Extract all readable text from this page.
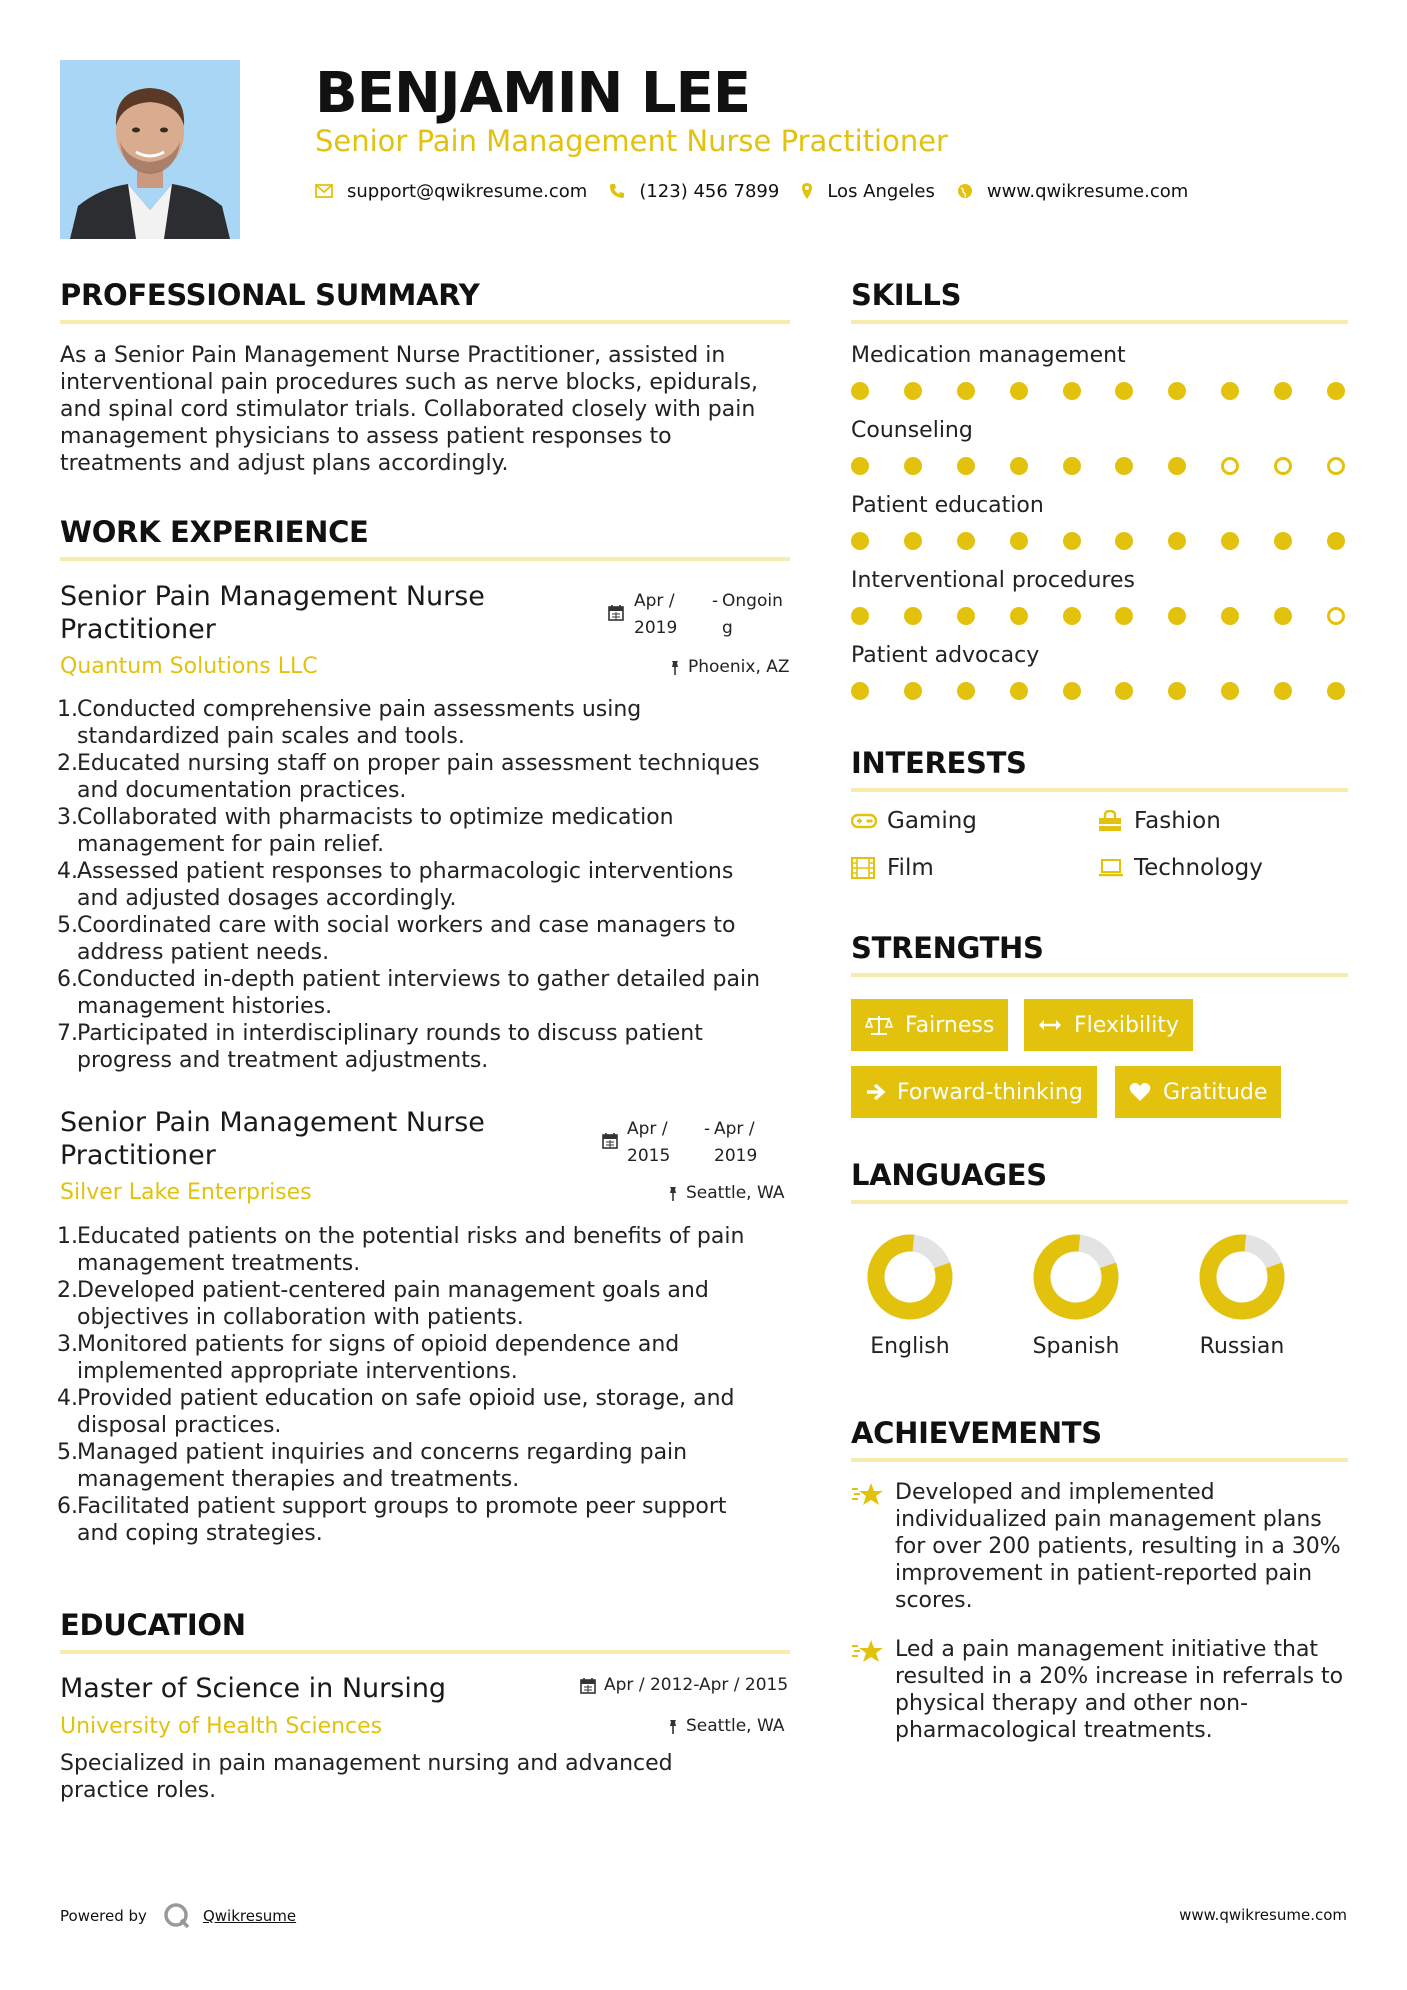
BENJAMIN LEE
Senior Pain Management Nurse Practitioner
support@qwikresume.com	(123) 456 7899	Los Angeles	www.qwikresume.com
PROFESSIONAL SUMMARY
As a Senior Pain Management Nurse Practitioner, assisted in
interventional pain procedures such as nerve blocks, epidurals,
and spinal cord stimulator trials. Collaborated closely with pain
management physicians to assess patient responses to
treatments and adjust plans accordingly.
WORK EXPERIENCE
Senior Pain Management Nurse
Practitioner
Apr /
2019
- Ongoin
g
Quantum Solutions LLC	Phoenix, AZ
1. Conducted comprehensive pain assessments using
standardized pain scales and tools.
2. Educated nursing staff on proper pain assessment techniques
and documentation practices.
3. Collaborated with pharmacists to optimize medication
management for pain relief.
4. Assessed patient responses to pharmacologic interventions
and adjusted dosages accordingly.
5. Coordinated care with social workers and case managers to
address patient needs.
6. Conducted in-depth patient interviews to gather detailed pain
management histories.
7. Participated in interdisciplinary rounds to discuss patient
progress and treatment adjustments.
Senior Pain Management Nurse
Practitioner
Apr /
2015
- Apr /
2019
Silver Lake Enterprises	Seattle, WA
1. Educated patients on the potential risks and benefits of pain
management treatments.
2. Developed patient-centered pain management goals and
objectives in collaboration with patients.
3. Monitored patients for signs of opioid dependence and
implemented appropriate interventions.
4. Provided patient education on safe opioid use, storage, and
disposal practices.
5. Managed patient inquiries and concerns regarding pain
management therapies and treatments.
6. Facilitated patient support groups to promote peer support
and coping strategies.
EDUCATION
Master of Science in Nursing	Apr / 2012-Apr / 2015
University of Health Sciences	Seattle, WA
Specialized in pain management nursing and advanced
practice roles.
SKILLS
Medication management
Counseling
Patient education
Interventional procedures
Patient advocacy
INTERESTS
Gaming	Fashion
Film	Technology
STRENGTHS
Fairness	Flexibility
Forward-thinking	Gratitude
LANGUAGES
English	Spanish	Russian
ACHIEVEMENTS
Developed and implemented
individualized pain management plans
for over 200 patients, resulting in a 30%
improvement in patient-reported pain
scores.
Led a pain management initiative that
resulted in a 20% increase in referrals to
physical therapy and other non-
pharmacological treatments.
Powered by	Qwikresume	www.qwikresume.com
